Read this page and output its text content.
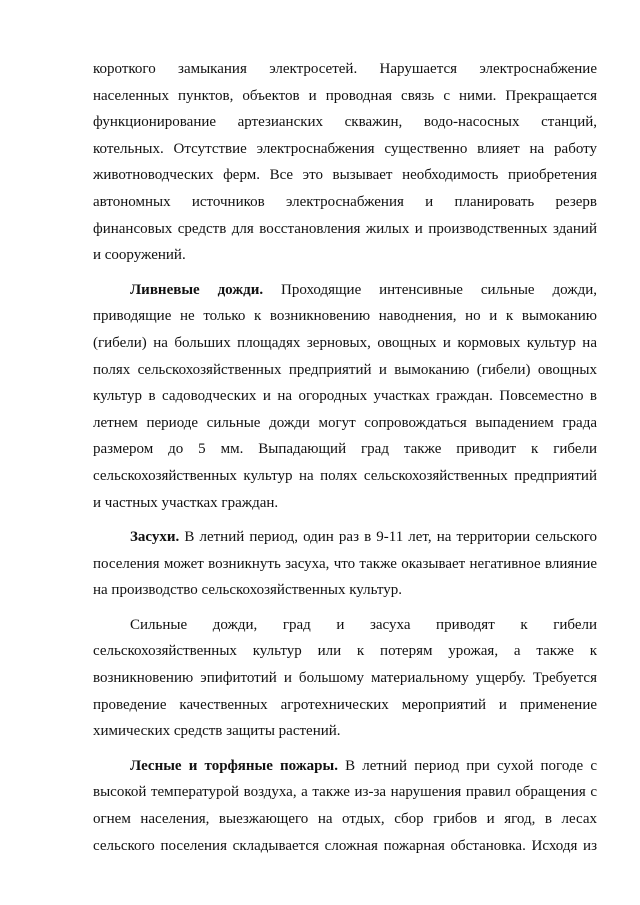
короткого замыкания электросетей. Нарушается электроснабжение
населенных пунктов, объектов и проводная связь с ними. Прекращается
функционирование артезианских скважин, водо-насосных станций,
котельных. Отсутствие электроснабжения существенно влияет на работу
животноводческих ферм. Все это вызывает необходимость приобретения
автономных источников электроснабжения и планировать резерв
финансовых средств для восстановления жилых и производственных зданий
и сооружений.
Ливневые дожди. Проходящие интенсивные сильные дожди,
приводящие не только к возникновению наводнения, но и к вымоканию
(гибели) на больших площадях зерновых, овощных и кормовых культур на
полях сельскохозяйственных предприятий и вымоканию (гибели) овощных
культур в садоводческих и на огородных участках граждан. Повсеместно в
летнем периоде сильные дожди могут сопровождаться выпадением града
размером до 5 мм. Выпадающий град также приводит к гибели
сельскохозяйственных культур на полях сельскохозяйственных предприятий
и частных участках граждан.
Засухи. В летний период, один раз в 9-11 лет, на территории сельского
поселения может возникнуть засуха, что также оказывает негативное влияние
на производство сельскохозяйственных культур.
Сильные дожди, град и засуха приводят к гибели
сельскохозяйственных культур или к потерям урожая, а также к
возникновению эпифитотий и большому материальному ущербу. Требуется
проведение качественных агротехнических мероприятий и применение
химических средств защиты растений.
Лесные и торфяные пожары. В летний период при сухой погоде с
высокой температурой воздуха, а также из-за нарушения правил обращения с
огнем населения, выезжающего на отдых, сбор грибов и ягод, в лесах
сельского поселения складывается сложная пожарная обстановка. Исходя из
